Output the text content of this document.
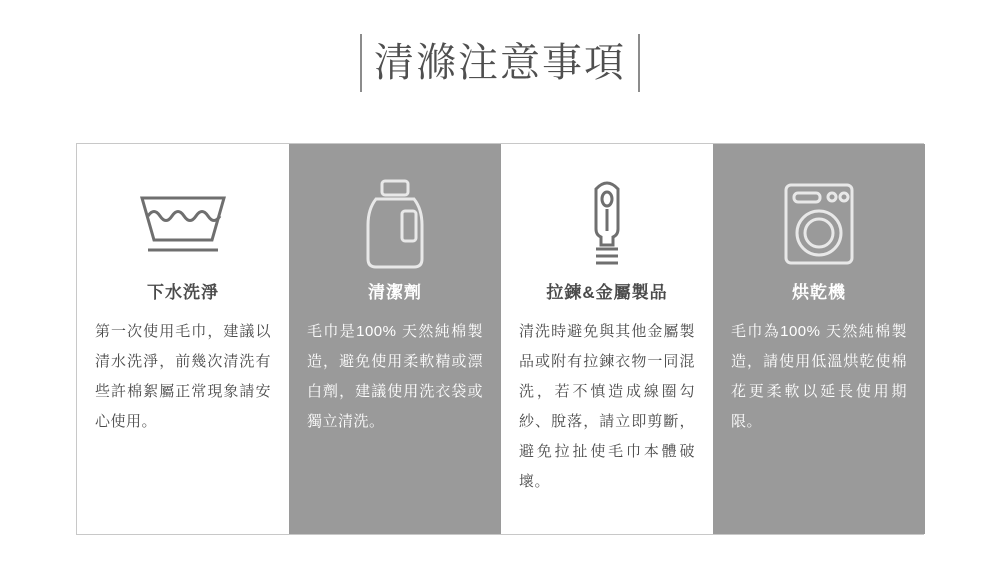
清滌注意事項
下水洗淨
第一次使用毛巾，建議以清水洗淨，前幾次清洗有些許棉絮屬正常現象請安心使用。
清潔劑
毛巾是100% 天然純棉製造，避免使用柔軟精或漂白劑，建議使用洗衣袋或獨立清洗。
拉鍊&金屬製品
清洗時避免與其他金屬製品或附有拉鍊衣物一同混洗，若不慎造成線圈勾紗、脫落，請立即剪斷，避免拉扯使毛巾本體破壞。
烘乾機
毛巾為100% 天然純棉製造，請使用低溫烘乾使棉花更柔軟以延長使用期限。
